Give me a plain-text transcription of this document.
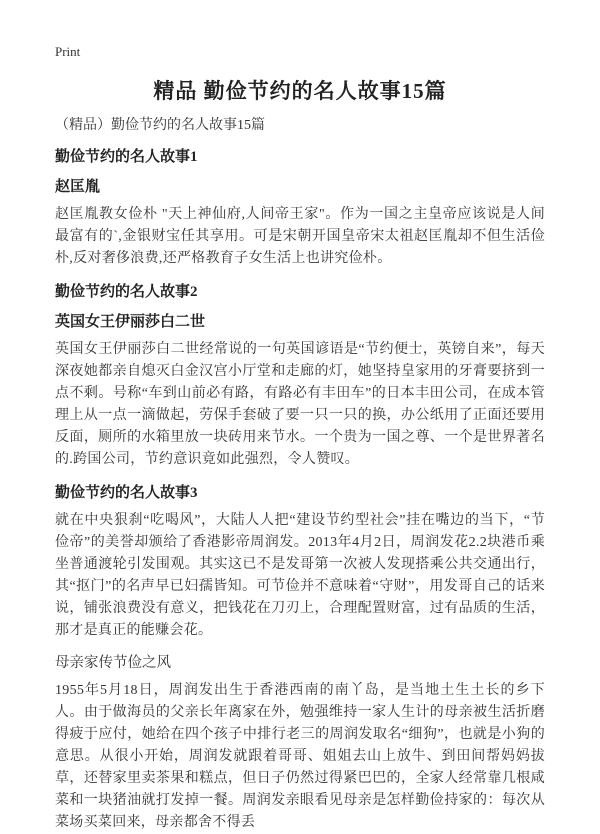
Print
精品 勤俭节约的名人故事15篇

（精品）勤俭节约的名人故事15篇

勤俭节约的名人故事1
赵匡胤

赵匡胤教女俭朴 "天上神仙府,人间帝王家"。作为一国之主皇帝应该说是人间最富有的`,金银财宝任其享用。可是宋朝开国皇帝宋太祖赵匡胤却不但生活俭朴,反对奢侈浪费,还严格教育子女生活上也讲究俭朴。

勤俭节约的名人故事2
英国女王伊丽莎白二世

英国女王伊丽莎白二世经常说的一句英国谚语是“节约便士，英镑自来”，每天深夜她都亲自熄灭白金汉宫小厅堂和走廊的灯，她坚持皇家用的牙膏要挤到一点不剩。号称“车到山前必有路，有路必有丰田车”的日本丰田公司，在成本管理上从一点一滴做起，劳保手套破了要一只一只的换，办公纸用了正面还要用反面，厕所的水箱里放一块砖用来节水。一个贵为一国之尊、一个是世界著名的.跨国公司，节约意识竟如此强烈，令人赞叹。

勤俭节约的名人故事3

就在中央狠刹“吃喝风”，大陆人人把“建设节约型社会”挂在嘴边的当下，“节俭帝”的美誉却颁给了香港影帝周润发。2013年4月2日，周润发花2.2块港币乘坐普通渡轮引发围观。其实这已不是发哥第一次被人发现搭乘公共交通出行，其“抠门”的名声早已妇孺皆知。可节俭并不意味着“守财”，用发哥自己的话来说，铺张浪费没有意义，把钱花在刀刃上，合理配置财富，过有品质的生活，那才是真正的能赚会花。

母亲家传节俭之风

1955年5月18日，周润发出生于香港西南的南丫岛，是当地土生土长的乡下人。由于做海员的父亲长年离家在外，勉强维持一家人生计的母亲被生活折磨得疲于应付，她给在四个孩子中排行老三的周润发取名“细狗”，也就是小狗的意思。从很小开始，周润发就跟着哥哥、姐姐去山上放牛、到田间帮妈妈拔草，还替家里卖茶果和糕点，但日子仍然过得紧巴巴的，全家人经常靠几根咸菜和一块猪油就打发掉一餐。周润发亲眼看见母亲是怎样勤俭持家的：每次从菜场买菜回来，母亲都舍不得丢
